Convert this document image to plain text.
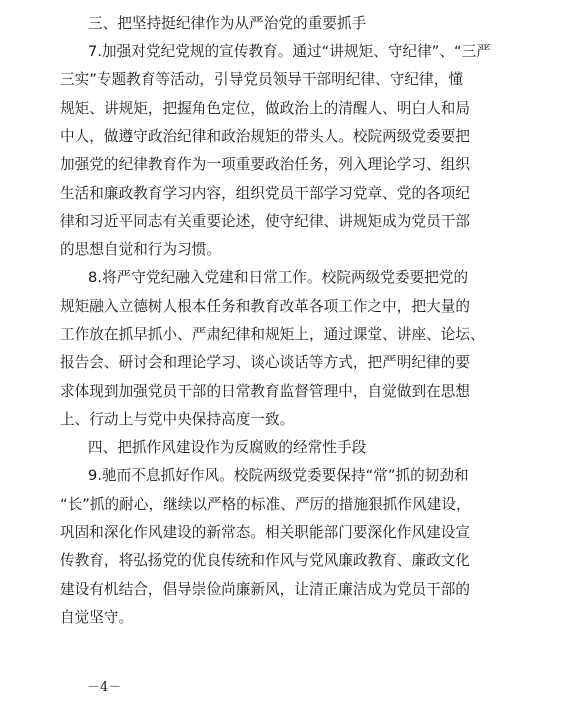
三、把坚持挺纪律作为从严治党的重要抓手
7.加强对党纪党规的宣传教育。通过“讲规矩、守纪律”、“三严
三实”专题教育等活动，引导党员领导干部明纪律、守纪律，懂
规矩、讲规矩，把握角色定位，做政治上的清醒人、明白人和局
中人，做遵守政治纪律和政治规矩的带头人。校院两级党委要把
加强党的纪律教育作为一项重要政治任务，列入理论学习、组织
生活和廉政教育学习内容，组织党员干部学习党章、党的各项纪
律和习近平同志有关重要论述，使守纪律、讲规矩成为党员干部
的思想自觉和行为习惯。
8.将严守党纪融入党建和日常工作。校院两级党委要把党的
规矩融入立德树人根本任务和教育改革各项工作之中，把大量的
工作放在抓早抓小、严肃纪律和规矩上，通过课堂、讲座、论坛、
报告会、研讨会和理论学习、谈心谈话等方式，把严明纪律的要
求体现到加强党员干部的日常教育监督管理中，自觉做到在思想
上、行动上与党中央保持高度一致。
四、把抓作风建设作为反腐败的经常性手段
9.驰而不息抓好作风。校院两级党委要保持“常”抓的韧劲和
“长”抓的耐心，继续以严格的标准、严厉的措施狠抓作风建设，
巩固和深化作风建设的新常态。相关职能部门要深化作风建设宣
传教育，将弘扬党的优良传统和作风与党风廉政教育、廉政文化
建设有机结合，倡导崇俭尚廉新风，让清正廉洁成为党员干部的
自觉坚守。
－4－
